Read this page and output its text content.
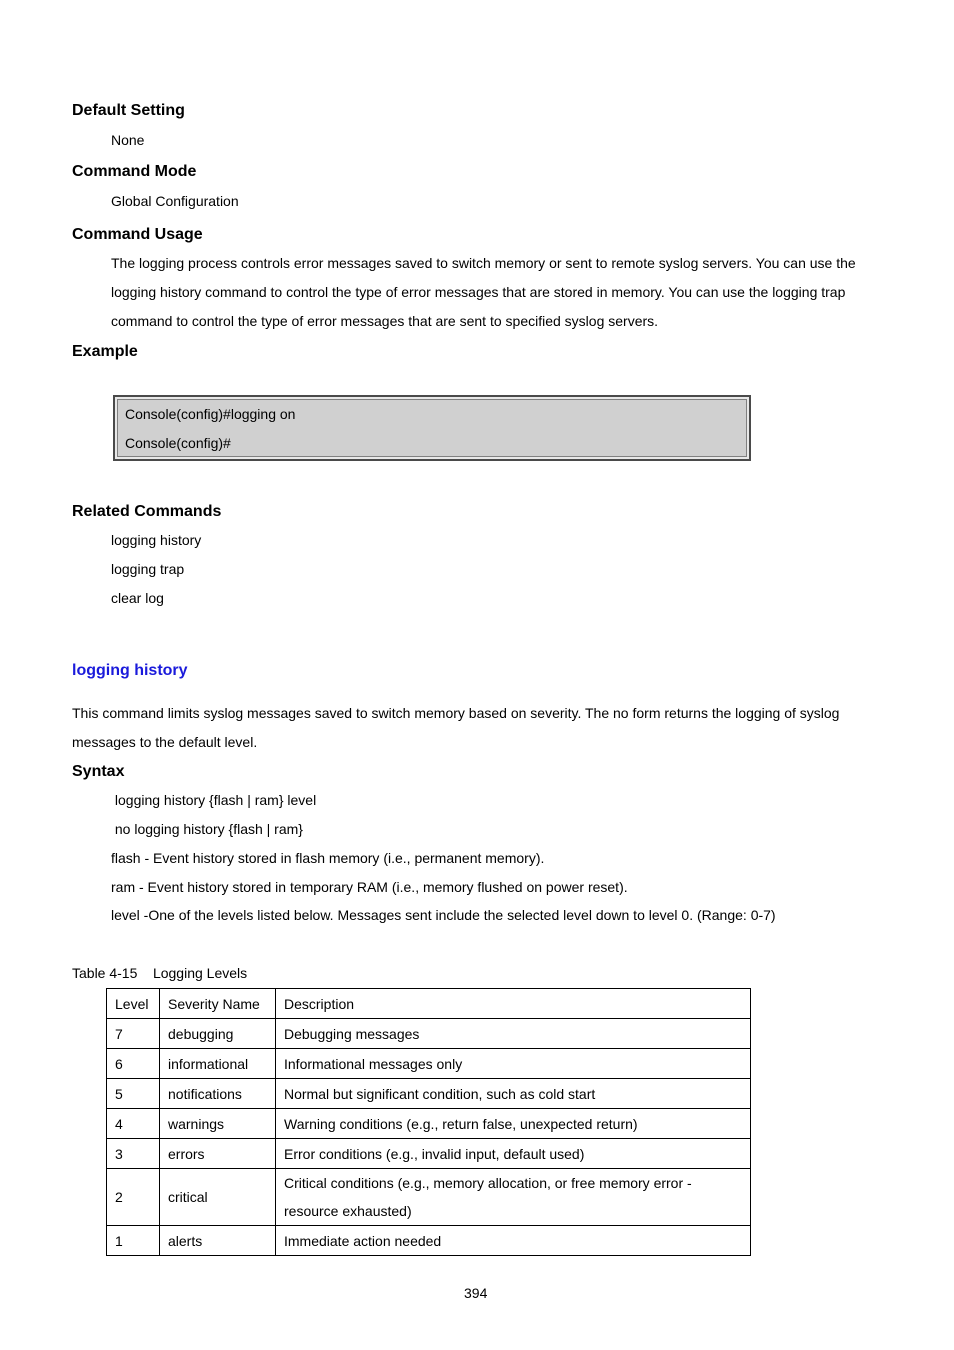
Default Setting
None
Command Mode
Global Configuration
Command Usage
The logging process controls error messages saved to switch memory or sent to remote syslog servers. You can use the
logging history command to control the type of error messages that are stored in memory. You can use the logging trap
command to control the type of error messages that are sent to specified syslog servers.
Example
Console(config)#logging on
Console(config)#
Related Commands
logging history
logging trap
clear log
logging history
This command limits syslog messages saved to switch memory based on severity. The no form returns the logging of syslog
messages to the default level.
Syntax
logging history {flash | ram} level
no logging history {flash | ram}
flash - Event history stored in flash memory (i.e., permanent memory).
ram - Event history stored in temporary RAM (i.e., memory flushed on power reset).
level -One of the levels listed below. Messages sent include the selected level down to level 0. (Range: 0-7)
Table 4-15    Logging Levels
Level	Severity Name	Description
7	debugging	Debugging messages
6	informational	Informational messages only
5	notifications	Normal but significant condition, such as cold start
4	warnings	Warning conditions (e.g., return false, unexpected return)
3	errors	Error conditions (e.g., invalid input, default used)
2	critical	Critical conditions (e.g., memory allocation, or free memory error -
resource exhausted)

1	alerts	Immediate action needed
394
